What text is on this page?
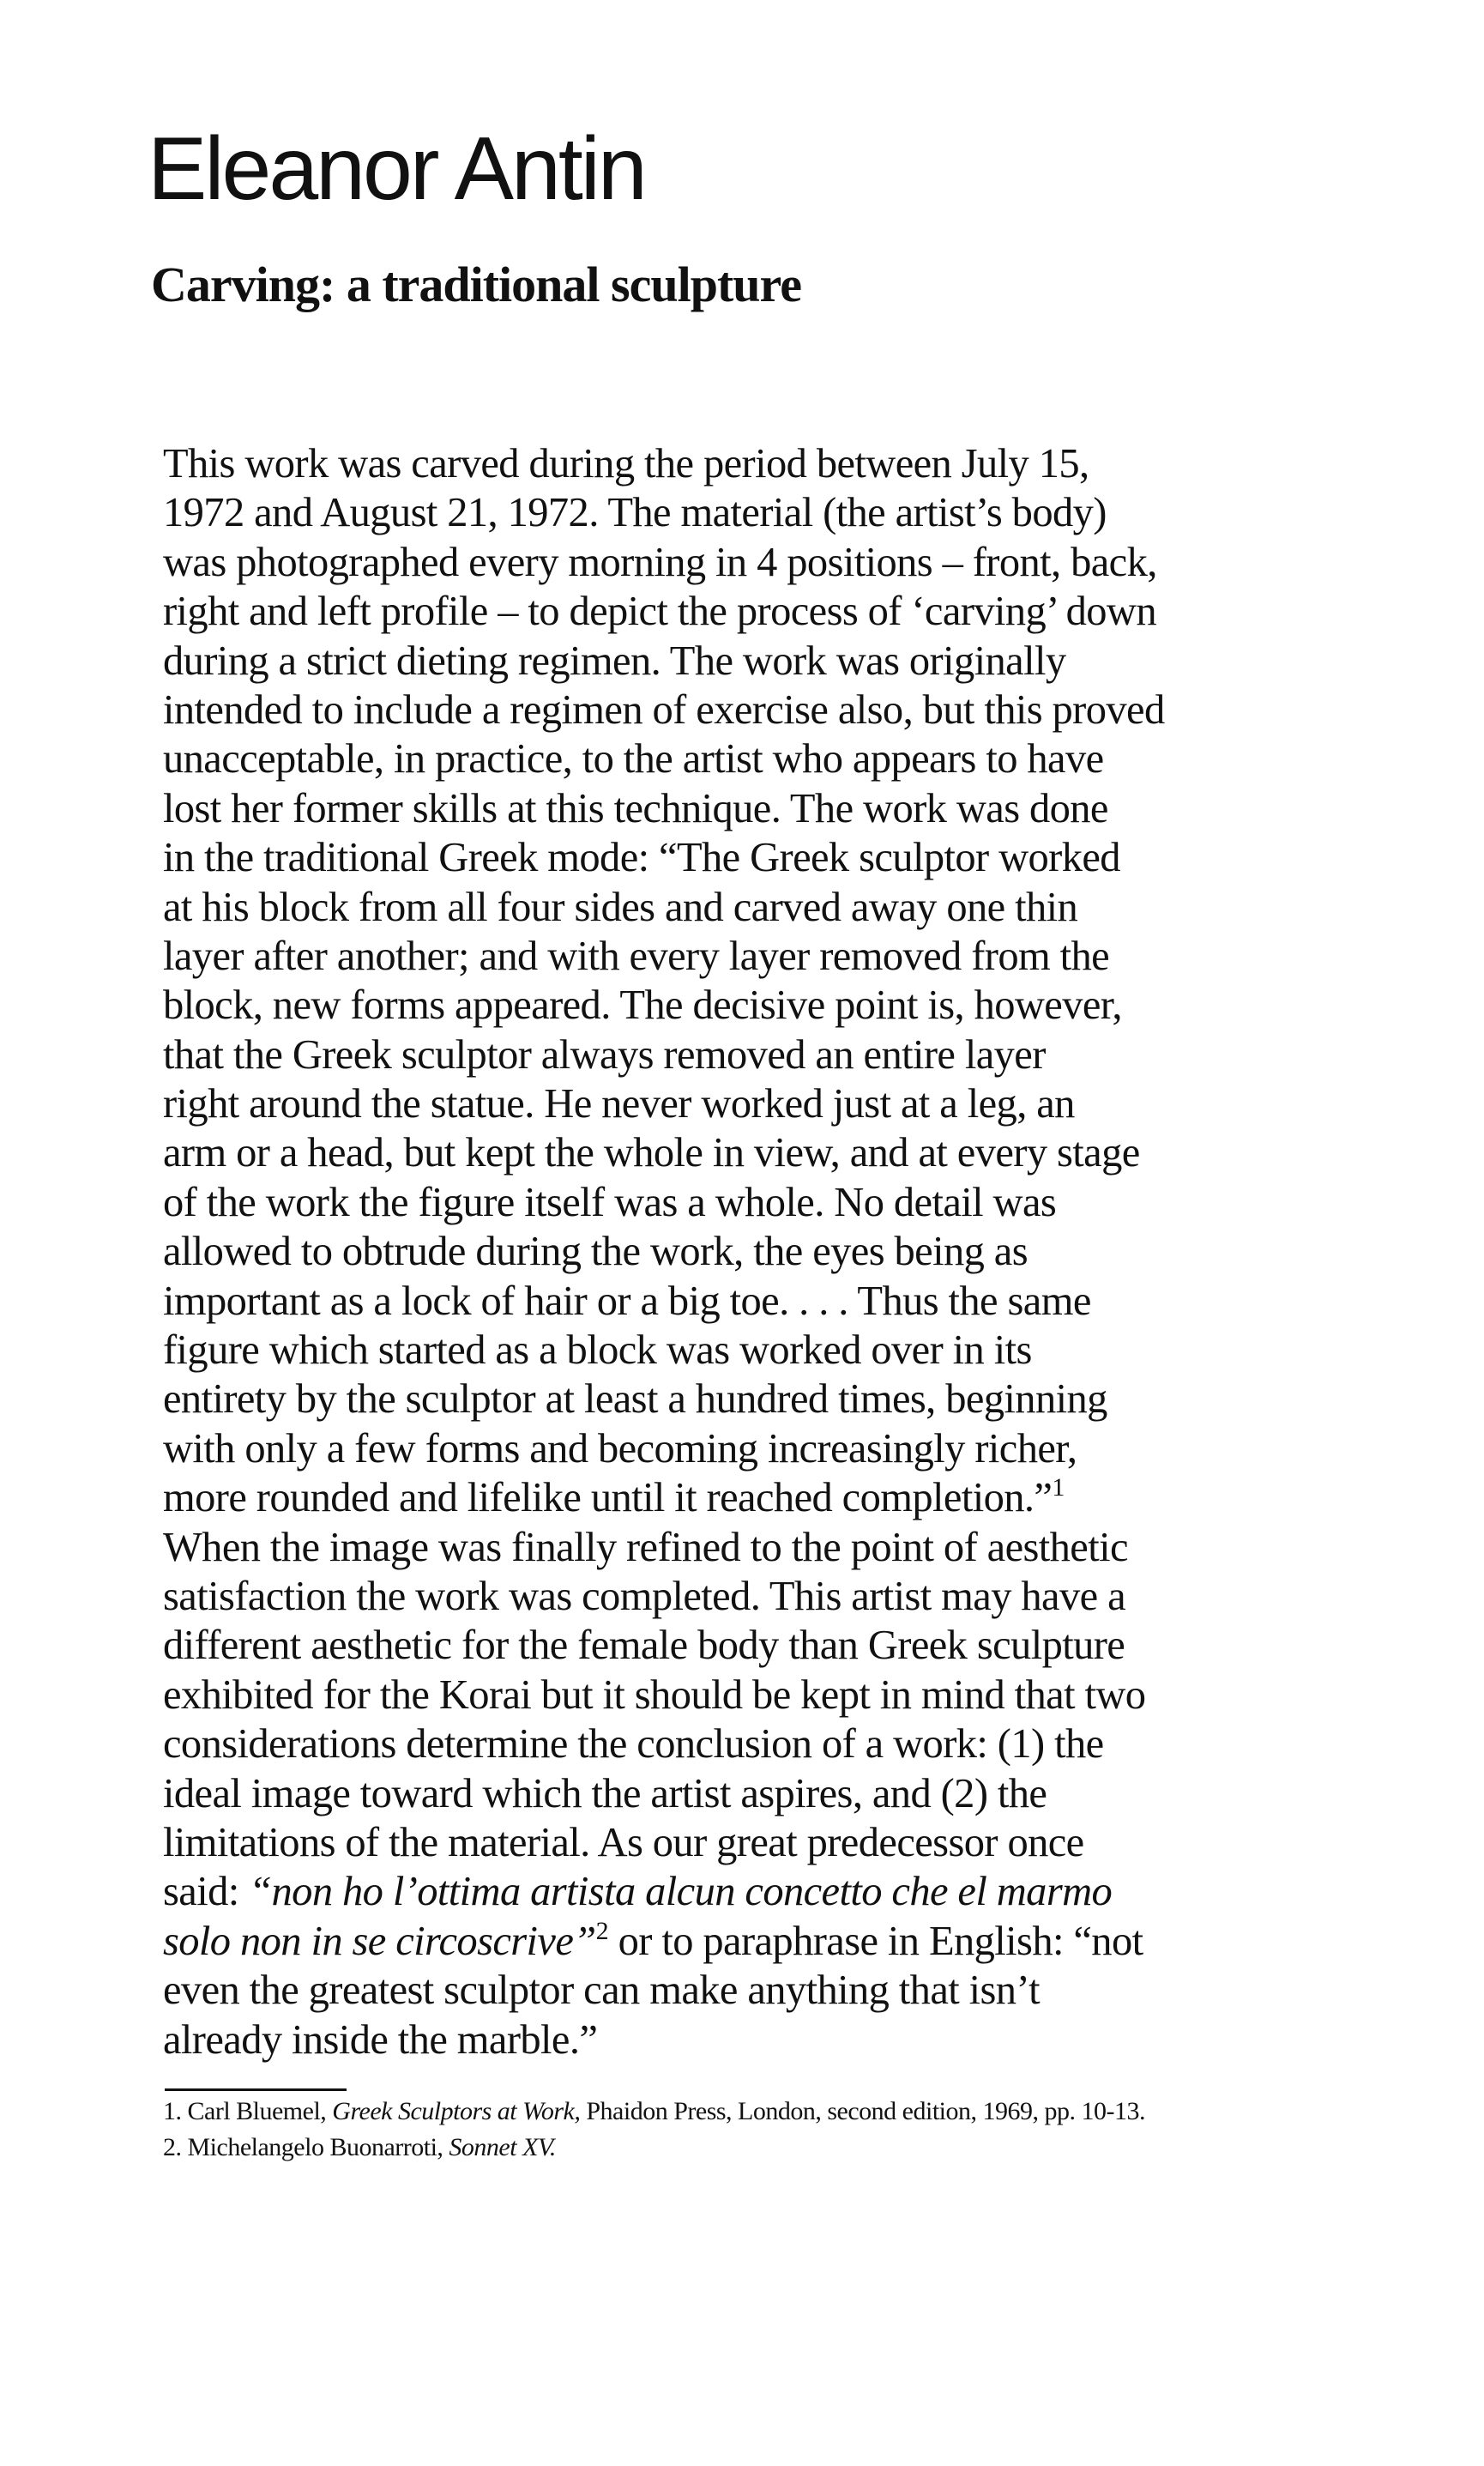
Eleanor Antin
Carving: a traditional sculpture
This work was carved during the period between July 15,
1972 and August 21, 1972. The material (the artist’s body)
was photographed every morning in 4 positions – front, back,
right and left profile – to depict the process of ‘carving’ down
during a strict dieting regimen. The work was originally
intended to include a regimen of exercise also, but this proved
unacceptable, in practice, to the artist who appears to have
lost her former skills at this technique. The work was done
in the traditional Greek mode: “The Greek sculptor worked
at his block from all four sides and carved away one thin
layer after another; and with every layer removed from the
block, new forms appeared. The decisive point is, however,
that the Greek sculptor always removed an entire layer
right around the statue. He never worked just at a leg, an
arm or a head, but kept the whole in view, and at every stage
of the work the figure itself was a whole. No detail was
allowed to obtrude during the work, the eyes being as
important as a lock of hair or a big toe. . . . Thus the same
figure which started as a block was worked over in its
entirety by the sculptor at least a hundred times, beginning
with only a few forms and becoming increasingly richer,
more rounded and lifelike until it reached completion.”$^1$
When the image was finally refined to the point of aesthetic
satisfaction the work was completed. This artist may have a
different aesthetic for the female body than Greek sculpture
exhibited for the Korai but it should be kept in mind that two
considerations determine the conclusion of a work: (1) the
ideal image toward which the artist aspires, and (2) the
limitations of the material. As our great predecessor once
said: “non ho l’ottima artista alcun concetto che el marmo
solo non in se circoscrive”$^2$ or to paraphrase in English: “not
even the greatest sculptor can make anything that isn’t
already inside the marble.”
1. Carl Bluemel, Greek Sculptors at Work, Phaidon Press, London, second edition, 1969, pp. 10-13.
2. Michelangelo Buonarroti, Sonnet XV.
